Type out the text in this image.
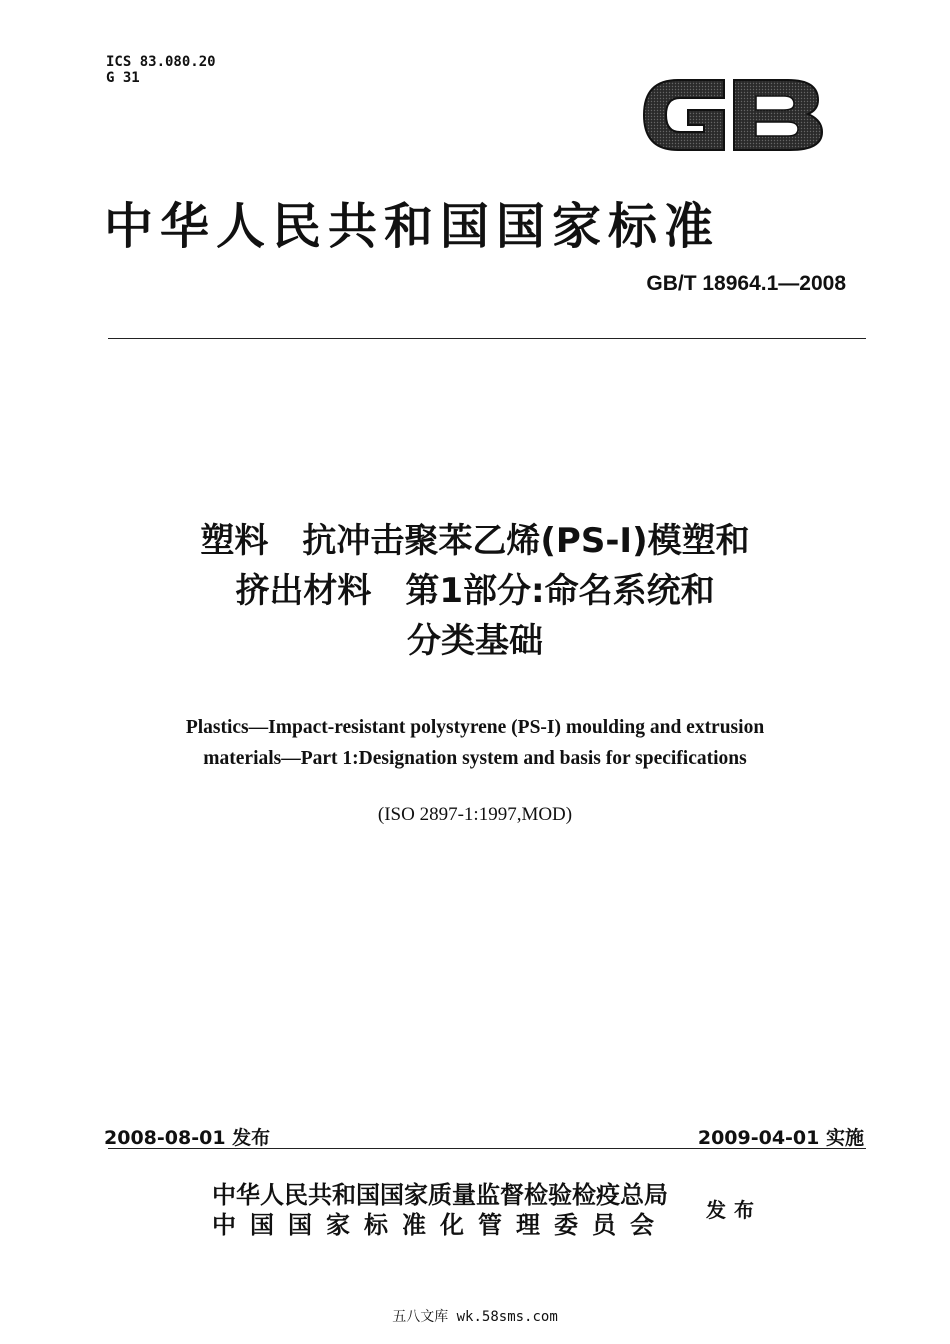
ICS 83.080.20
G 31	GB
中华人民共和国国家标准
GB/T 18964.1—2008
塑料　抗冲击聚苯乙烯(PS-I)模塑和
挤出材料　第1部分:命名系统和
分类基础
Plastics—Impact-resistant polystyrene (PS-I) moulding and extrusion
materials—Part 1:Designation system and basis for specifications
(ISO 2897-1:1997,MOD)
2008-08-01 发布	2009-04-01 实施
中华人民共和国国家质量监督检验检疫总局
中国国家标准化管理委员会 发布
五八文库 wk.58sms.com
